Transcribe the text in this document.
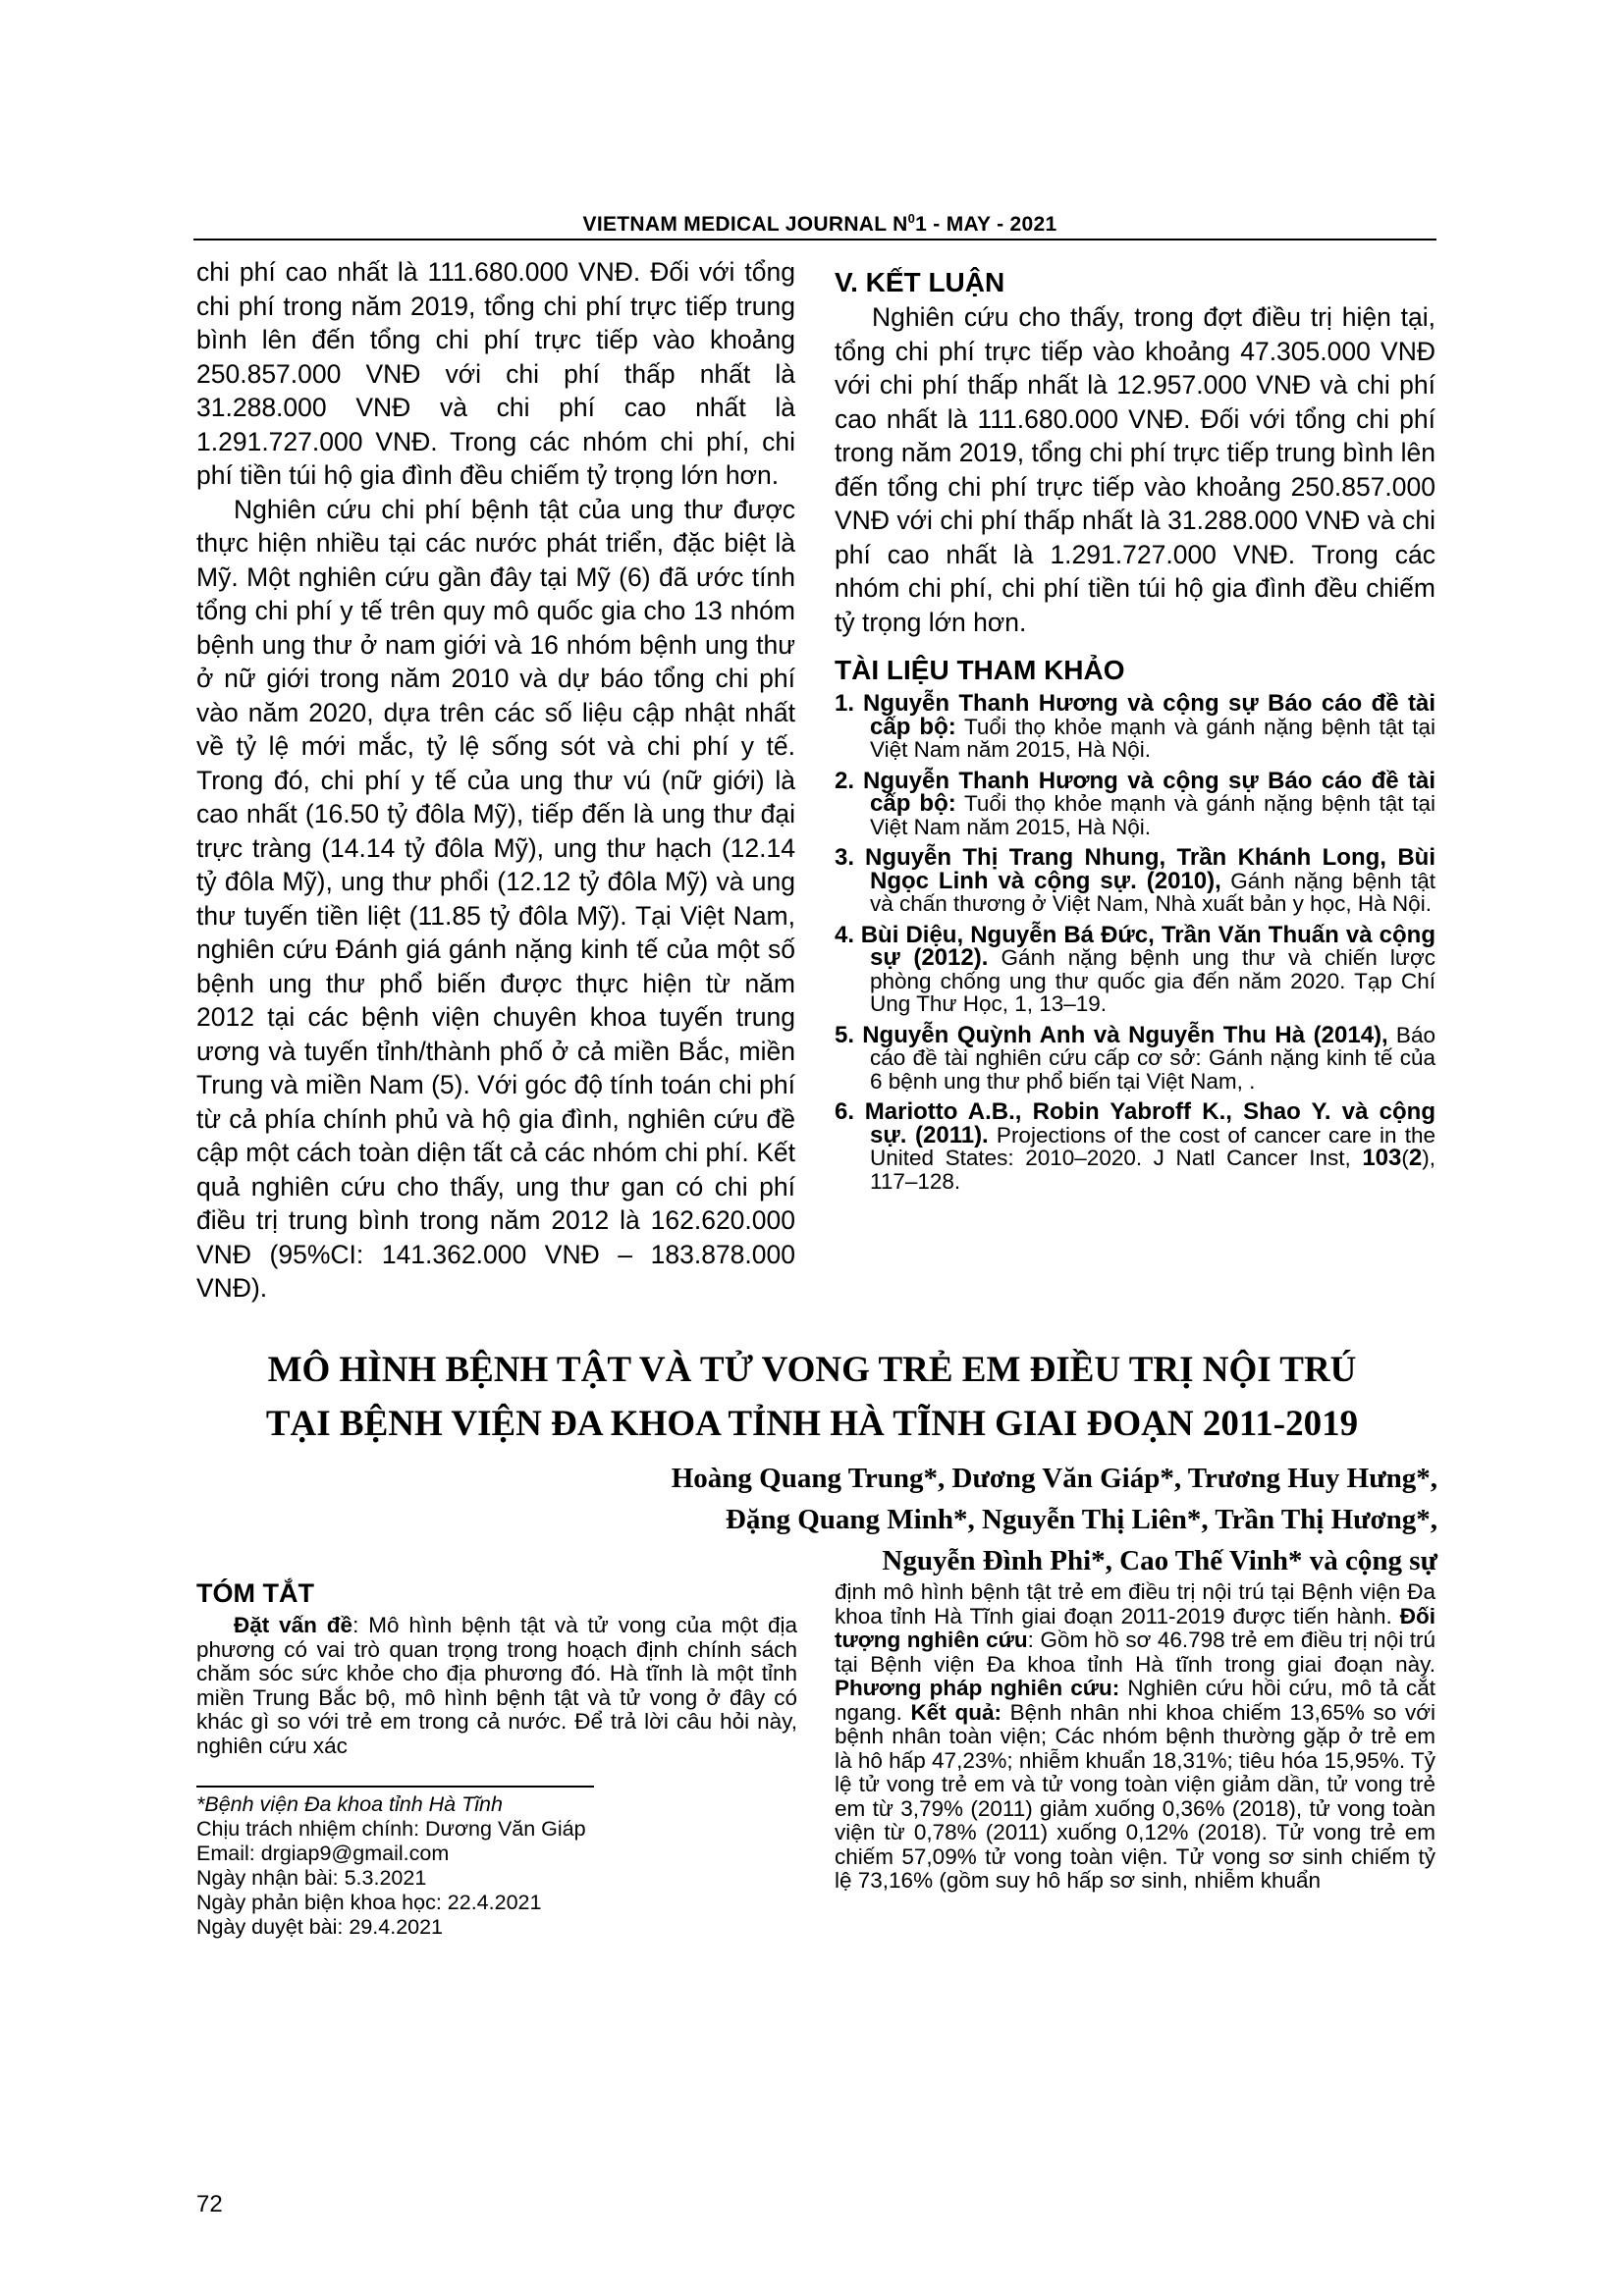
VIETNAM MEDICAL JOURNAL $N^01$ - MAY - 2021

chi phí cao nhất là 111.680.000 VNĐ. Đối với tổng chi phí trong năm 2019, tổng chi phí trực tiếp trung bình lên đến tổng chi phí trực tiếp vào khoảng 250.857.000 VNĐ với chi phí thấp nhất là 31.288.000 VNĐ và chi phí cao nhất là 1.291.727.000 VNĐ. Trong các nhóm chi phí, chi phí tiền túi hộ gia đình đều chiếm tỷ trọng lớn hơn.

Nghiên cứu chi phí bệnh tật của ung thư được thực hiện nhiều tại các nước phát triển, đặc biệt là Mỹ. Một nghiên cứu gần đây tại Mỹ (6) đã ước tính tổng chi phí y tế trên quy mô quốc gia cho 13 nhóm bệnh ung thư ở nam giới và 16 nhóm bệnh ung thư ở nữ giới trong năm 2010 và dự báo tổng chi phí vào năm 2020, dựa trên các số liệu cập nhật nhất về tỷ lệ mới mắc, tỷ lệ sống sót và chi phí y tế. Trong đó, chi phí y tế của ung thư vú (nữ giới) là cao nhất (16.50 tỷ đôla Mỹ), tiếp đến là ung thư đại trực tràng (14.14 tỷ đôla Mỹ), ung thư hạch (12.14 tỷ đôla Mỹ), ung thư phổi (12.12 tỷ đôla Mỹ) và ung thư tuyến tiền liệt (11.85 tỷ đôla Mỹ). Tại Việt Nam, nghiên cứu Đánh giá gánh nặng kinh tế của một số bệnh ung thư phổ biến được thực hiện từ năm 2012 tại các bệnh viện chuyên khoa tuyến trung ương và tuyến tỉnh/thành phố ở cả miền Bắc, miền Trung và miền Nam (5). Với góc độ tính toán chi phí từ cả phía chính phủ và hộ gia đình, nghiên cứu đề cập một cách toàn diện tất cả các nhóm chi phí. Kết quả nghiên cứu cho thấy, ung thư gan có chi phí điều trị trung bình trong năm 2012 là 162.620.000 VNĐ (95%CI: 141.362.000 VNĐ – 183.878.000 VNĐ).

V. KẾT LUẬN

Nghiên cứu cho thấy, trong đợt điều trị hiện tại, tổng chi phí trực tiếp vào khoảng 47.305.000 VNĐ với chi phí thấp nhất là 12.957.000 VNĐ và chi phí cao nhất là 111.680.000 VNĐ. Đối với tổng chi phí trong năm 2019, tổng chi phí trực tiếp trung bình lên đến tổng chi phí trực tiếp vào khoảng 250.857.000 VNĐ với chi phí thấp nhất là 31.288.000 VNĐ và chi phí cao nhất là 1.291.727.000 VNĐ. Trong các nhóm chi phí, chi phí tiền túi hộ gia đình đều chiếm tỷ trọng lớn hơn.

TÀI LIỆU THAM KHẢO
1. Nguyễn Thanh Hương và cộng sự Báo cáo đề tài cấp bộ: Tuổi thọ khỏe mạnh và gánh nặng bệnh tật tại Việt Nam năm 2015, Hà Nội.
2. Nguyễn Thanh Hương và cộng sự Báo cáo đề tài cấp bộ: Tuổi thọ khỏe mạnh và gánh nặng bệnh tật tại Việt Nam năm 2015, Hà Nội.
3. Nguyễn Thị Trang Nhung, Trần Khánh Long, Bùi Ngọc Linh và cộng sự. (2010), Gánh nặng bệnh tật và chấn thương ở Việt Nam, Nhà xuất bản y học, Hà Nội.
4. Bùi Diệu, Nguyễn Bá Đức, Trần Văn Thuấn và cộng sự (2012). Gánh nặng bệnh ung thư và chiến lược phòng chống ung thư quốc gia đến năm 2020. Tạp Chí Ung Thư Học, 1, 13–19.
5. Nguyễn Quỳnh Anh và Nguyễn Thu Hà (2014), Báo cáo đề tài nghiên cứu cấp cơ sở: Gánh nặng kinh tế của 6 bệnh ung thư phổ biến tại Việt Nam, .
6. Mariotto A.B., Robin Yabroff K., Shao Y. và cộng sự. (2011). Projections of the cost of cancer care in the United States: 2010–2020. J Natl Cancer Inst, 103(2), 117–128.
MÔ HÌNH BỆNH TẬT VÀ TỬ VONG TRẺ EM ĐIỀU TRỊ NỘI TRÚ
TẠI BỆNH VIỆN ĐA KHOA TỈNH HÀ TĨNH GIAI ĐOẠN 2011-2019
Hoàng Quang Trung*, Dương Văn Giáp*, Trương Huy Hưng*,
Đặng Quang Minh*, Nguyễn Thị Liên*, Trần Thị Hương*,
Nguyễn Đình Phi*, Cao Thế Vinh* và cộng sự
TÓM TẮT

Đặt vấn đề: Mô hình bệnh tật và tử vong của một địa phương có vai trò quan trọng trong hoạch định chính sách chăm sóc sức khỏe cho địa phương đó. Hà tĩnh là một tỉnh miền Trung Bắc bộ, mô hình bệnh tật và tử vong ở đây có khác gì so với trẻ em trong cả nước. Để trả lời câu hỏi này, nghiên cứu xác

định mô hình bệnh tật trẻ em điều trị nội trú tại Bệnh viện Đa khoa tỉnh Hà Tĩnh giai đoạn 2011-2019 được tiến hành. Đối tượng nghiên cứu: Gồm hồ sơ 46.798 trẻ em điều trị nội trú tại Bệnh viện Đa khoa tỉnh Hà tĩnh trong giai đoạn này. Phương pháp nghiên cứu: Nghiên cứu hồi cứu, mô tả cắt ngang. Kết quả: Bệnh nhân nhi khoa chiếm 13,65% so với bệnh nhân toàn viện; Các nhóm bệnh thường gặp ở trẻ em là hô hấp 47,23%; nhiễm khuẩn 18,31%; tiêu hóa 15,95%. Tỷ lệ tử vong trẻ em và tử vong toàn viện giảm dần, tử vong trẻ em từ 3,79% (2011) giảm xuống 0,36% (2018), tử vong toàn viện từ 0,78% (2011) xuống 0,12% (2018). Tử vong trẻ em chiếm 57,09% tử vong toàn viện. Tử vong sơ sinh chiếm tỷ lệ 73,16% (gồm suy hô hấp sơ sinh, nhiễm khuẩn

*Bệnh viện Đa khoa tỉnh Hà Tĩnh
Chịu trách nhiệm chính: Dương Văn Giáp
Email: drgiap9@gmail.com
Ngày nhận bài: 5.3.2021
Ngày phản biện khoa học: 22.4.2021
Ngày duyệt bài: 29.4.2021
72
